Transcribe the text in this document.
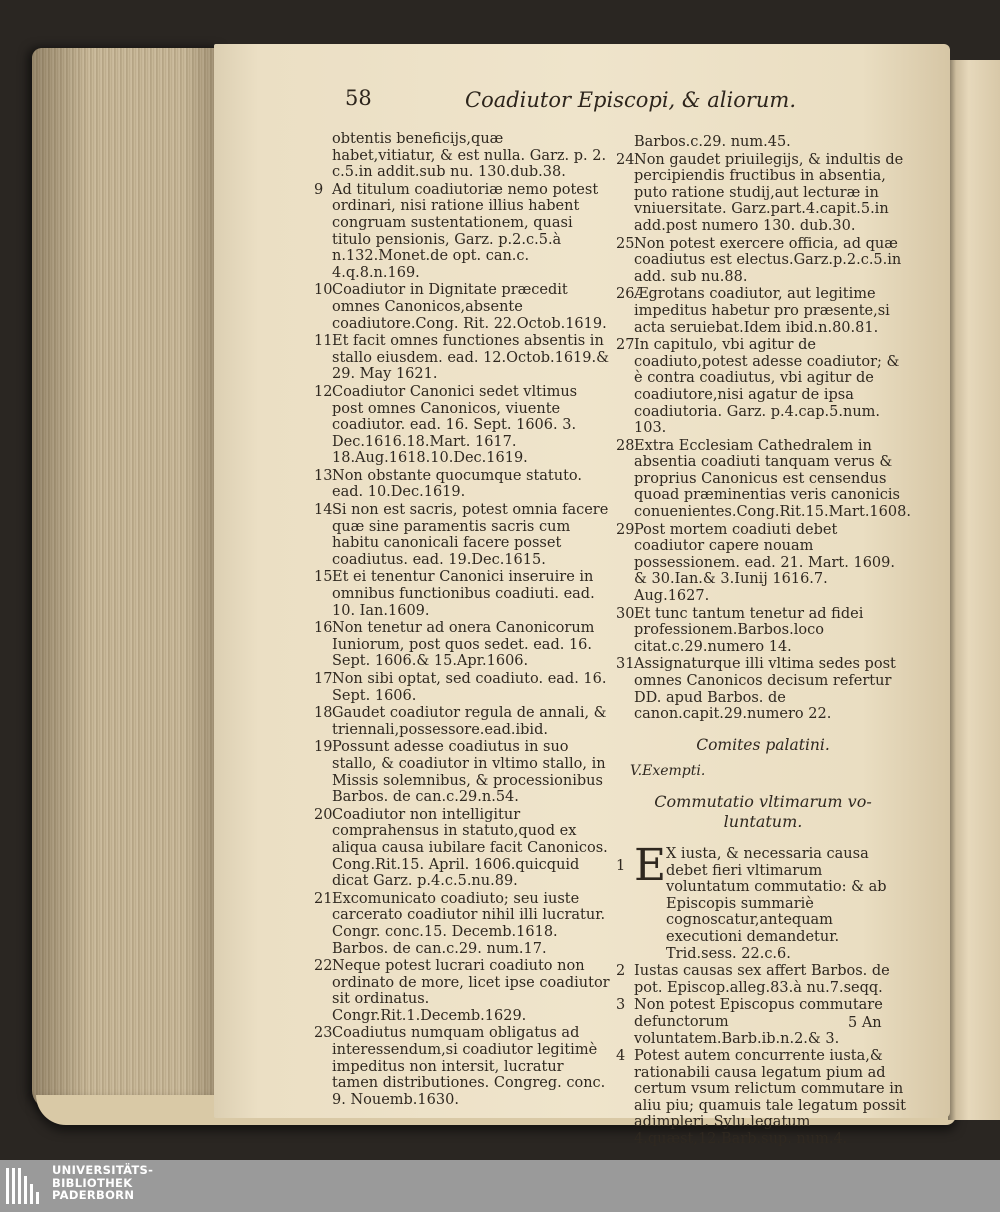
58	Coadiutor Episcopi, & aliorum.
obtentis beneficijs,quæ habet,vitiatur, & est nulla. Garz. p. 2. c.5.in addit.sub nu. 130.dub.38.
9 Ad titulum coadiutoriæ nemo potest ordinari, nisi ratione illius habent congruam sustentationem, quasi titulo pensionis, Garz. p.2.c.5.à n.132.Monet.de opt. can.c. 4.q.8.n.169.
10 Coadiutor in Dignitate præcedit omnes Canonicos,absente coadiutore.Cong. Rit. 22.Octob.1619.
11 Et facit omnes functiones absentis in stallo eiusdem. ead. 12.Octob.1619.& 29. May 1621.
12 Coadiutor Canonici sedet vltimus post omnes Canonicos, viuente coadiutor. ead. 16. Sept. 1606. 3. Dec.1616.18.Mart. 1617. 18.Aug.1618.10.Dec.1619.
13 Non obstante quocumque statuto. ead. 10.Dec.1619.
14 Si non est sacris, potest omnia facere quæ sine paramentis sacris cum habitu canonicali facere posset coadiutus. ead. 19.Dec.1615.
15 Et ei tenentur Canonici inseruire in omnibus functionibus coadiuti. ead. 10. Ian.1609.
16 Non tenetur ad onera Canonicorum Iuniorum, post quos sedet. ead. 16. Sept. 1606.& 15.Apr.1606.
17 Non sibi optat, sed coadiuto. ead. 16. Sept. 1606.
18 Gaudet coadiutor regula de annali, & triennali,possessore.ead.ibid.
19 Possunt adesse coadiutus in suo stallo, & coadiutor in vltimo stallo, in Missis solemnibus, & processionibus Barbos. de can.c.29.n.54.
20 Coadiutor non intelligitur comprahensus in statuto,quod ex aliqua causa iubilare facit Canonicos. Cong.Rit.15. April. 1606.quicquid dicat Garz. p.4.c.5.nu.89.
21 Excomunicato coadiuto; seu iuste carcerato coadiutor nihil illi lucratur. Congr. conc.15. Decemb.1618. Barbos. de can.c.29. num.17.
22 Neque potest lucrari coadiuto non ordinato de more, licet ipse coadiutor sit ordinatus. Congr.Rit.1.Decemb.1629.
23 Coadiutus numquam obligatus ad interessendum,si coadiutor legitimè impeditus non intersit, lucratur tamen distributiones. Congreg. conc. 9. Nouemb.1630.
Barbos.c.29. num.45.
24 Non gaudet priuilegijs, & indultis de percipiendis fructibus in absentia, puto ratione studij,aut lecturæ in vniuersitate. Garz.part.4.capit.5.in add.post numero 130. dub.30.
25 Non potest exercere officia, ad quæ coadiutus est electus.Garz.p.2.c.5.in add. sub nu.88.
26 Ægrotans coadiutor, aut legitime impeditus habetur pro præsente,si acta seruiebat.Idem ibid.n.80.81.
27 In capitulo, vbi agitur de coadiuto,potest adesse coadiutor; & è contra coadiutus, vbi agitur de coadiutore,nisi agatur de ipsa coadiutoria. Garz. p.4.cap.5.num. 103.
28 Extra Ecclesiam Cathedralem in absentia coadiuti tanquam verus & proprius Canonicus est censendus quoad præminentias veris canonicis conuenientes.Cong.Rit.15.Mart.1608.
29 Post mortem coadiuti debet coadiutor capere nouam possessionem. ead. 21. Mart. 1609. & 30.Ian.& 3.Iunij 1616.7. Aug.1627.
30 Et tunc tantum tenetur ad fidei professionem.Barbos.loco citat.c.29.numero 14.
31 Assignaturque illi vltima sedes post omnes Canonicos decisum refertur DD. apud Barbos. de canon.capit.29.numero 22.
Comites palatini.
V.Exempti.
Commutatio vltimarum vo-
luntatum.
1 E X iusta, & necessaria causa debet fieri vltimarum voluntatum commutatio: & ab Episcopis summariè cognoscatur,antequam executioni demandetur. Trid.sess. 22.c.6.
2 Iustas causas sex affert Barbos. de pot. Episcop.alleg.83.à nu.7.seqq.
3 Non potest Episcopus commutare defunctorum voluntatem.Barb.ib.n.2.& 3.
4 Potest autem concurrente iusta,& rationabili causa legatum pium ad certum vsum relictum commutare in aliu piu; quamuis tale legatum possit adimpleri. Sylu.legatum 4.quæst,12.Barb.sup. num.4.
5 An
UNIVERSITÄTS-
BIBLIOTHEK
PADERBORN
